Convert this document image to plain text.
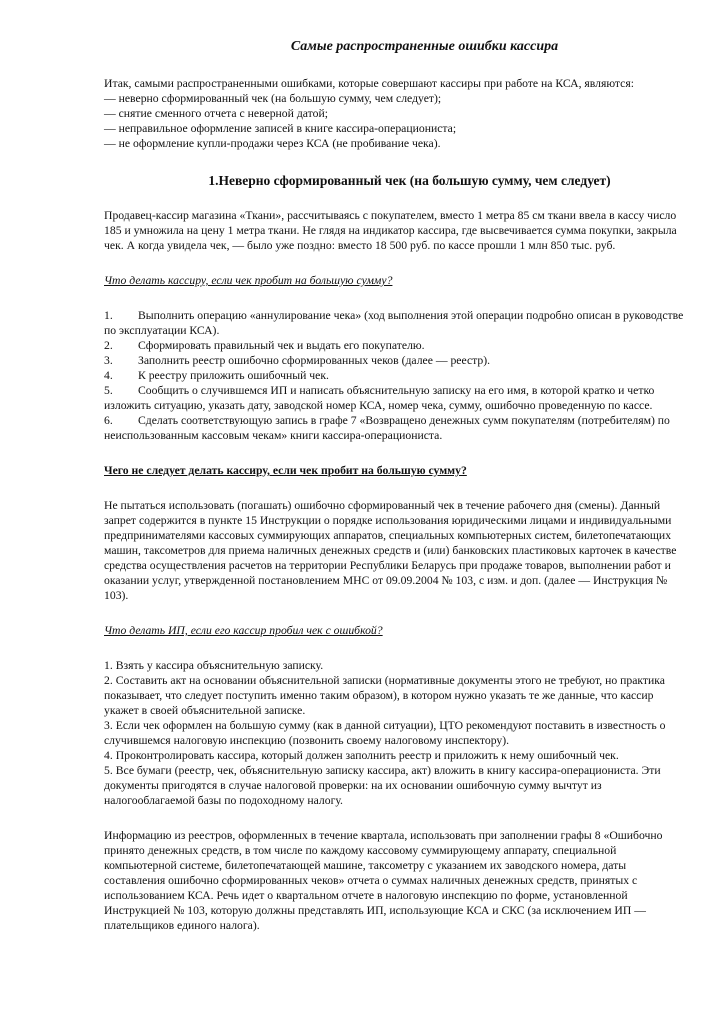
Самые распространенные ошибки кассира

Итак, самыми распространенными ошибками, которые совершают кассиры при работе на КСА, являются:

— неверно сформированный чек (на большую сумму, чем следует);

— снятие сменного отчета с неверной датой;

— неправильное оформление записей в книге кассира-операциониста;

— не оформление купли-продажи через КСА (не пробивание чека).

1.Неверно сформированный чек (на большую сумму, чем следует)

Продавец-кассир магазина «Ткани», рассчитываясь с покупателем, вместо 1 метра 85 см ткани ввела в кассу число 185 и умножила на цену 1 метра ткани. Не глядя на индикатор кассира, где высвечивается сумма покупки, закрыла чек. А когда увидела чек, — было уже поздно: вместо 18 500 руб. по кассе прошли 1 млн 850 тыс. руб.

Что делать кассиру, если чек пробит на большую сумму?

1. Выполнить операцию «аннулирование чека» (ход выполнения этой операции подробно описан в руководстве по эксплуатации КСА).

2. Сформировать правильный чек и выдать его покупателю.

3. Заполнить реестр ошибочно сформированных чеков (далее — реестр).

4. К реестру приложить ошибочный чек.

5. Сообщить о случившемся ИП и написать объяснительную записку на его имя, в которой кратко и четко изложить ситуацию, указать дату, заводской номер КСА, номер чека, сумму, ошибочно проведенную по кассе.

6. Сделать соответствующую запись в графе 7 «Возвращено денежных сумм покупателям (потребителям) по неиспользованным кассовым чекам» книги кассира-операциониста.

Чего не следует делать кассиру, если чек пробит на большую сумму?

Не пытаться использовать (погашать) ошибочно сформированный чек в течение рабочего дня (смены). Данный запрет содержится в пункте 15 Инструкции о порядке использования юридическими лицами и индивидуальными предпринимателями кассовых суммирующих аппаратов, специальных компьютерных систем, билетопечатающих машин, таксометров для приема наличных денежных средств и (или) банковских пластиковых карточек в качестве средства осуществления расчетов на территории Республики Беларусь при продаже товаров, выполнении работ и оказании услуг, утвержденной постановлением МНС от 09.09.2004 № 103, с изм. и доп. (далее — Инструкция № 103).

Что делать ИП, если его кассир пробил чек с ошибкой?

1. Взять у кассира объяснительную записку.

2. Составить акт на основании объяснительной записки (нормативные документы этого не требуют, но практика показывает, что следует поступить именно таким образом), в котором нужно указать те же данные, что кассир укажет в своей объяснительной записке.

3. Если чек оформлен на большую сумму (как в данной ситуации), ЦТО рекомендуют поставить в известность о случившемся налоговую инспекцию (позвонить своему налоговому инспектору).

4. Проконтролировать кассира, который должен заполнить реестр и приложить к нему ошибочный чек.

5. Все бумаги (реестр, чек, объяснительную записку кассира, акт) вложить в книгу кассира-операциониста. Эти документы пригодятся в случае налоговой проверки: на их основании ошибочную сумму вычтут из налогооблагаемой базы по подоходному налогу.

Информацию из реестров, оформленных в течение квартала, использовать при заполнении графы 8 «Ошибочно принято денежных средств, в том числе по каждому кассовому суммирующему аппарату, специальной компьютерной системе, билетопечатающей машине, таксометру с указанием их заводского номера, даты составления ошибочно сформированных чеков» отчета о суммах наличных денежных средств, принятых с использованием КСА. Речь идет о квартальном отчете в налоговую инспекцию по форме, установленной Инструкцией № 103, которую должны представлять ИП, использующие КСА и СКС (за исключением ИП —плательщиков единого налога).
